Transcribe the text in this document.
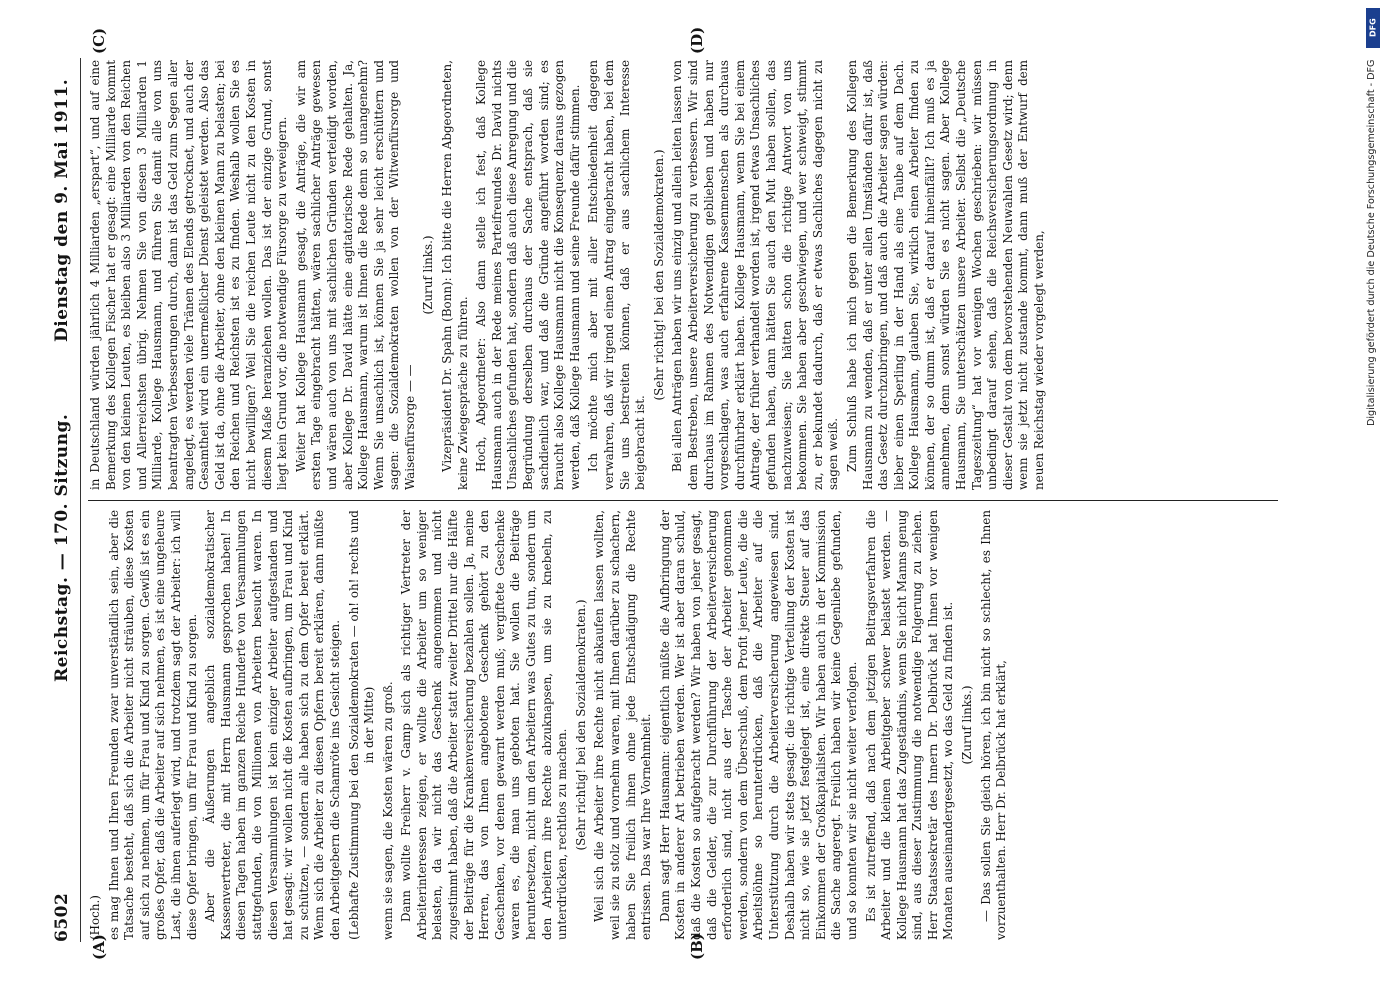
6502
Reichstag. — 170. Sitzung.
Dienstag den 9. Mai 1911.
(A)	(B)
(C)	(D)

(Hoch.) es mag Ihnen und Ihren Freunden zwar unverständlich sein, aber die Tatsache besteht, daß sich die Arbeiter nicht sträuben, diese Kosten auf sich zu nehmen, um für Frau und Kind zu sorgen. Gewiß ist es ein großes Opfer, daß die Arbeiter auf sich nehmen, es ist eine ungeheure Last, die ihnen auferlegt wird, und trotzdem sagt der Arbeiter: ich will diese Opfer bringen, um für Frau und Kind zu sorgen. Aber die Äußerungen angeblich sozialdemokratischer Kassenvertreter, die mit Herrn Hausmann gesprochen haben! In diesen Tagen haben im ganzen Reiche Hunderte von Versammlungen stattgefunden, die von Millionen von Arbeitern besucht waren. In diesen Versammlungen ist kein einziger Arbeiter aufgestanden und hat gesagt: wir wollen nicht die Kosten aufbringen, um Frau und Kind zu schützen, — sondern alle haben sich zu dem Opfer bereit erklärt. Wenn sich die Arbeiter zu diesen Opfern bereit erklären, dann müßte den Arbeitgebern die Schamröte ins Gesicht steigen. (Lebhafte Zustimmung bei den Sozialdemokraten — oh! oh! rechts und in der Mitte) wenn sie sagen, die Kosten wären zu groß. Dann wollte Freiherr v. Gamp sich als richtiger Vertreter der Arbeiterinteressen zeigen, er wollte die Arbeiter um so weniger belasten, da wir nicht das Geschenk angenommen und nicht zugestimmt haben, daß die Arbeiter statt zweiter Drittel nur die Hälfte der Beiträge für die Krankenversicherung bezahlen sollen. Ja, meine Herren, das von Ihnen angebotene Geschenk gehört zu den Geschenken, vor denen gewarnt werden muß; vergiftete Geschenke waren es, die man uns geboten hat. Sie wollen die Beiträge heruntersetzen, nicht um den Arbeitern was Gutes zu tun, sondern um den Arbeitern ihre Rechte abzuknapsen, um sie zu knebeln, zu unterdrücken, rechtlos zu machen. (Sehr richtig! bei den Sozialdemokraten.) Weil sich die Arbeiter ihre Rechte nicht abkaufen lassen wollten, weil sie zu stolz und vornehm waren, mit Ihnen darüber zu schachern, haben Sie freilich ihnen ohne jede Entschädigung die Rechte entrissen. Das war Ihre Vornehmheit. Dann sagt Herr Hausmann: eigentlich müßte die Aufbringung der Kosten in anderer Art betrieben werden. Wer ist aber daran schuld, daß die Kosten so aufgebracht werden? Wir haben von jeher gesagt, daß die Gelder, die zur Durchführung der Arbeiterversicherung erforderlich sind, nicht aus der Tasche der Arbeiter genommen werden, sondern von dem Überschuß, dem Profit jener Leute, die die Arbeitslöhne so herunterdrücken, daß die Arbeiter auf die Unterstützung durch die Arbeiterversicherung angewiesen sind. Deshalb haben wir stets gesagt: die richtige Verteilung der Kosten ist nicht so, wie sie jetzt festgelegt ist, eine direkte Steuer auf das Einkommen der Großkapitalisten. Wir haben auch in der Kommission die Sache angeregt. Freilich haben wir keine Gegenliebe gefunden, und so konnten wir sie nicht weiter verfolgen. Es ist zutreffend, daß nach dem jetzigen Beitragsverfahren die Arbeiter und die kleinen Arbeitgeber schwer belastet werden. — Kollege Hausmann hat das Zugeständnis, wenn Sie nicht Manns genug sind, aus dieser Zustimmung die notwendige Folgerung zu ziehen. Herr Staatssekretär des Innern Dr. Delbrück hat Ihnen vor wenigen Monaten auseinandergesetzt, wo das Geld zu finden ist. (Zuruf links.) — Das sollen Sie gleich hören, ich bin nicht so schlecht, es Ihnen vorzuenthalten. Herr Dr. Delbrück hat erklärt,

in Deutschland würden jährlich 4 Milliarden „erspart“, und auf eine Bemerkung des Kollegen Fischer hat er gesagt: eine Milliarde kommt von den kleinen Leuten, es bleiben also 3 Milliarden von den Reichen und Allerreichsten übrig. Nehmen Sie von diesen 3 Milliarden 1 Milliarde, Kollege Hausmann, und führen Sie damit alle von uns beantragten Verbesserungen durch, dann ist das Geld zum Segen aller angelegt, es werden viele Tränen des Elends getrocknet, und auch der Gesamtheit wird ein unermeßlicher Dienst geleistet werden. Also das Geld ist da, ohne die Arbeiter, ohne den kleinen Mann zu belasten; bei den Reichen und Reichsten ist es zu finden. Weshalb wollen Sie es nicht bewilligen? Weil Sie die reichen Leute nicht zu den Kosten in diesem Maße heranziehen wollen. Das ist der einzige Grund, sonst liegt kein Grund vor, die notwendige Fürsorge zu verweigern. Weiter hat Kollege Hausmann gesagt, die Anträge, die wir am ersten Tage eingebracht hätten, wären sachlicher Anträge gewesen und wären auch von uns mit sachlichen Gründen verteidigt worden, aber Kollege Dr. David hätte eine agitatorische Rede gehalten. Ja, Kollege Hausmann, warum ist Ihnen die Rede denn so unangenehm? Wenn Sie unsachlich ist, können Sie ja sehr leicht erschüttern und sagen: die Sozialdemokraten wollen von der Witwenfürsorge und Waisenfürsorge — —

(Zuruf links.) Vizepräsident Dr. Spahn (Bonn): Ich bitte die Herren Abgeordneten, keine Zwiegespräche zu führen. Hoch, Abgeordneter: Also dann stelle ich fest, daß Kollege Hausmann auch in der Rede meines Parteifreundes Dr. David nichts Unsachliches gefunden hat, sondern daß auch diese Anregung und die Begründung derselben durchaus der Sache entsprach, daß sie sachdienlich war, und daß die Gründe angeführt worden sind; es braucht also Kollege Hausmann nicht die Konsequenz daraus gezogen werden, daß Kollege Hausmann und seine Freunde dafür stimmen. Ich möchte mich aber mit aller Entschiedenheit dagegen verwahren, daß wir irgend einen Antrag eingebracht haben, bei dem Sie uns bestreiten können, daß er aus sachlichem Interesse beigebracht ist.

(Sehr richtig! bei den Sozialdemokraten.) Bei allen Anträgen haben wir uns einzig und allein leiten lassen von dem Bestreben, unsere Arbeiterversicherung zu verbessern. Wir sind durchaus im Rahmen des Notwendigen geblieben und haben nur vorgeschlagen, was auch erfahrene Kassenmenschen als durchaus durchführbar erklärt haben. Kollege Hausmann, wenn Sie bei einem Antrage, der früher verhandelt worden ist, irgend etwas Unsachliches gefunden haben, dann hätten Sie auch den Mut haben sollen, das nachzuweisen; Sie hätten schon die richtige Antwort von uns bekommen. Sie haben aber geschwiegen, und wer schweigt, stimmt zu, er bekundet dadurch, daß er etwas Sachliches dagegen nicht zu sagen weiß. Zum Schluß habe ich mich gegen die Bemerkung des Kollegen Hausmann zu wenden, daß er unter allen Umständen dafür ist, daß das Gesetz durchzubringen, und daß auch die Arbeiter sagen würden: lieber einen Sperling in der Hand als eine Taube auf dem Dach. Kollege Hausmann, glauben Sie, wirklich einen Arbeiter finden zu können, der so dumm ist, daß er darauf hineinfällt? Ich muß es ja annehmen, denn sonst würden Sie es nicht sagen. Aber Kollege Hausmann, Sie unterschätzen unsere Arbeiter. Selbst die „Deutsche Tageszeitung“ hat vor wenigen Wochen geschrieben: wir müssen unbedingt darauf sehen, daß die Reichsversicherungsordnung in dieser Gestalt von dem bevorstehenden Neuwahlen Gesetz wird; denn wenn sie jetzt nicht zustande kommt, dann muß der Entwurf dem neuen Reichstag wieder vorgelegt werden,

DFG
Digitalisierung gefördert durch die Deutsche Forschungsgemeinschaft - DFG
